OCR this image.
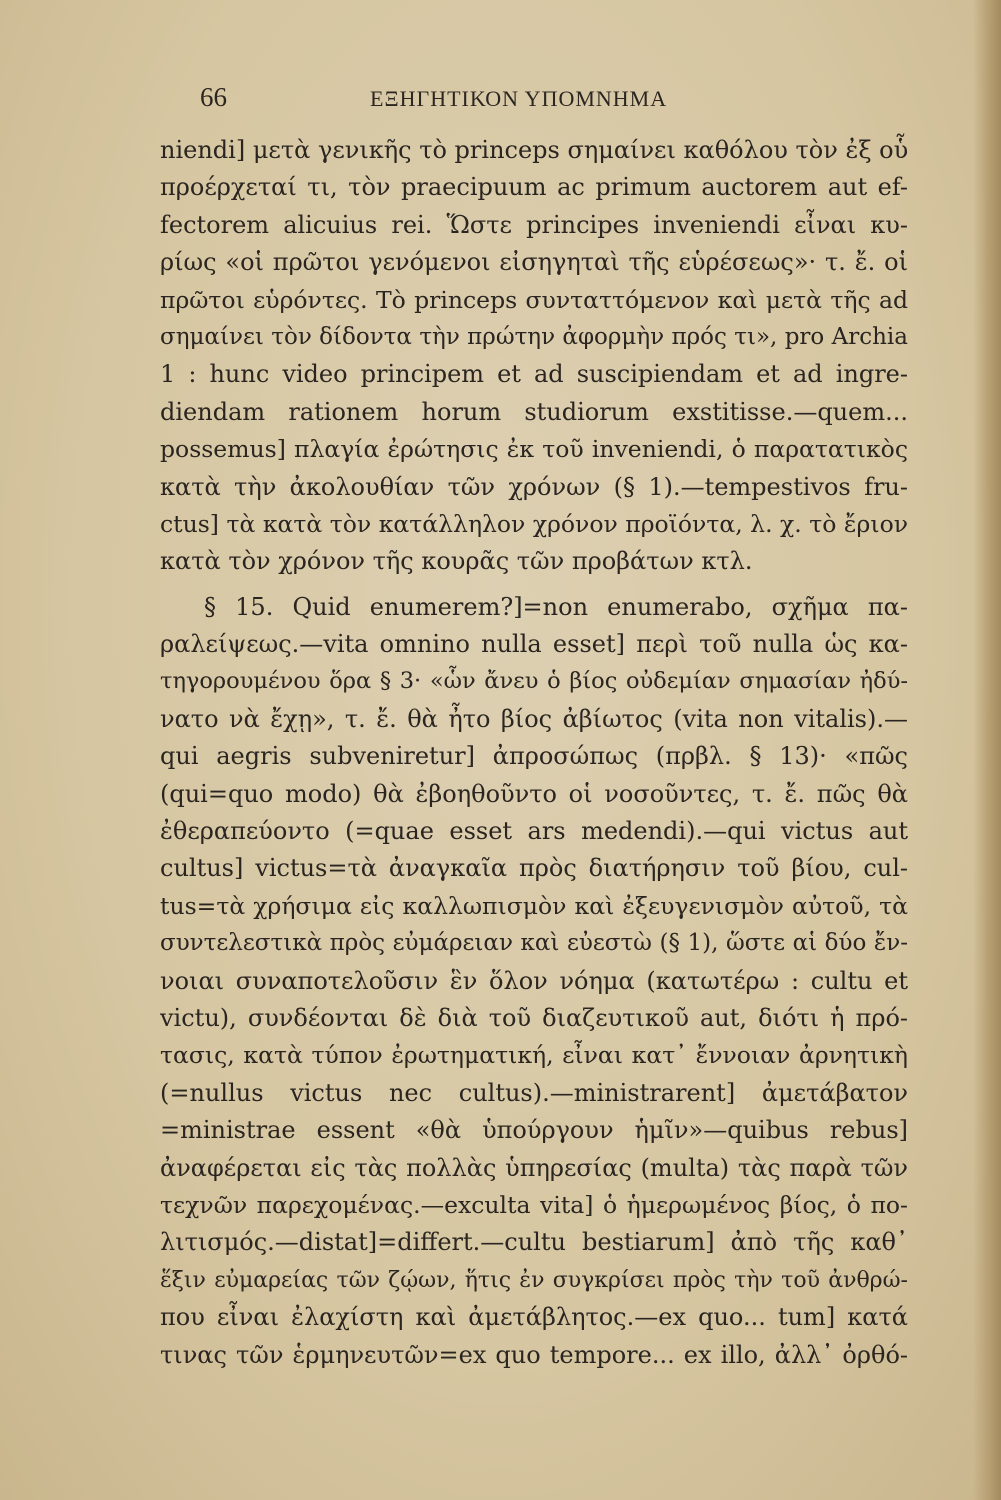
66	ΕΞΗΓΗΤΙΚΟΝ ΥΠΟΜΝΗΜΑ
niendi] μετὰ γενικῆς τὸ princeps σημαίνει καθόλου τὸν ἐξ οὗ
προέρχεταί τι, τὸν praecipuum ac primum auctorem aut ef-
fectorem alicuius rei. Ὥστε principes inveniendi εἶναι κυ-
ρίως «οἱ πρῶτοι γενόμενοι εἰσηγηταὶ τῆς εὑρέσεως»· τ. ἔ. οἱ
πρῶτοι εὑρόντες. Τὸ princeps συνταττόμενον καὶ μετὰ τῆς ad
σημαίνει τὸν δίδοντα τὴν πρώτην ἀφορμὴν πρός τι», pro Archia
1 : hunc video principem et ad suscipiendam et ad ingre-
diendam rationem horum studiorum exstitisse.—quem...
possemus] πλαγία ἐρώτησις ἐκ τοῦ inveniendi, ὁ παρατατικὸς
κατὰ τὴν ἀκολουθίαν τῶν χρόνων (§ 1).—tempestivos fru-
ctus] τὰ κατὰ τὸν κατάλληλον χρόνον προϊόντα, λ. χ. τὸ ἔριον
κατὰ τὸν χρόνον τῆς κουρᾶς τῶν προβάτων κτλ.
§ 15. Quid enumerem?]=non enumerabo, σχῆμα πα-
ραλείψεως.—vita omnino nulla esset] περὶ τοῦ nulla ὡς κα-
τηγορουμένου ὅρα § 3· «ὧν ἄνευ ὁ βίος οὐδεμίαν σημασίαν ἠδύ-
νατο νὰ ἔχῃ», τ. ἔ. θὰ ἦτο βίος ἀβίωτος (vita non vitalis).—
qui aegris subveniretur] ἀπροσώπως (πρβλ. § 13)· «πῶς
(qui=quo modo) θὰ ἐβοηθοῦντο οἱ νοσοῦντες, τ. ἔ. πῶς θὰ
ἐθεραπεύοντο (=quae esset ars medendi).—qui victus aut
cultus] victus=τὰ ἀναγκαῖα πρὸς διατήρησιν τοῦ βίου, cul-
tus=τὰ χρήσιμα εἰς καλλωπισμὸν καὶ ἐξευγενισμὸν αὐτοῦ, τὰ
συντελεστικὰ πρὸς εὐμάρειαν καὶ εὐεστὼ (§ 1), ὥστε αἱ δύο ἔν-
νοιαι συναποτελοῦσιν ἓν ὅλον νόημα (κατωτέρω : cultu et
victu), συνδέονται δὲ διὰ τοῦ διαζευτικοῦ aut, διότι ἡ πρό-
τασις, κατὰ τύπον ἐρωτηματική, εἶναι κατ᾽ ἔννοιαν ἀρνητικὴ
(=nullus victus nec cultus).—ministrarent] ἀμετάβατον
=ministrae essent «θὰ ὑπούργουν ἡμῖν»—quibus rebus]
ἀναφέρεται εἰς τὰς πολλὰς ὑπηρεσίας (multa) τὰς παρὰ τῶν
τεχνῶν παρεχομένας.—exculta vita] ὁ ἡμερωμένος βίος, ὁ πο-
λιτισμός.—distat]=differt.—cultu bestiarum] ἀπὸ τῆς καθ᾽
ἕξιν εὐμαρείας τῶν ζῴων, ἥτις ἐν συγκρίσει πρὸς τὴν τοῦ ἀνθρώ-
που εἶναι ἐλαχίστη καὶ ἀμετάβλητος.—ex quo... tum] κατά
τινας τῶν ἑρμηνευτῶν=ex quo tempore... ex illo, ἀλλ᾽ ὀρθό-
